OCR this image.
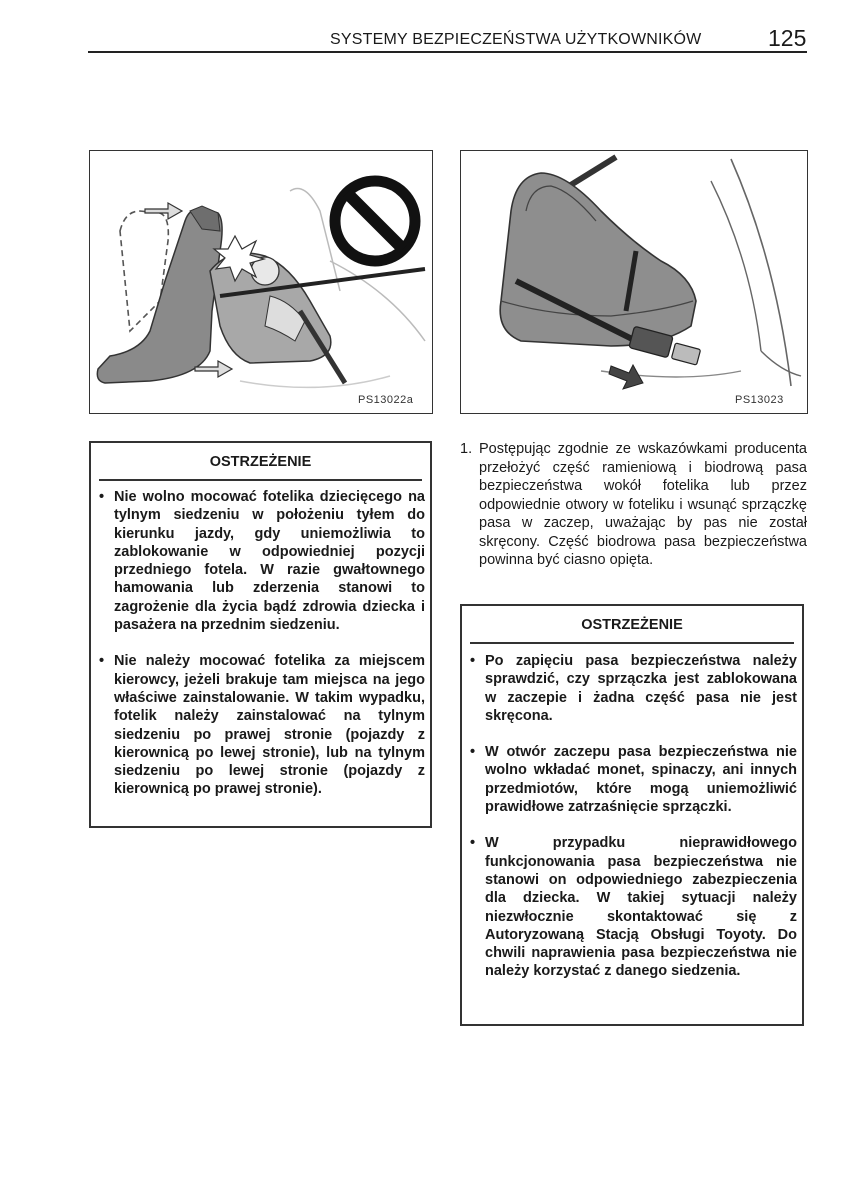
SYSTEMY BEZPIECZEŃSTWA UŻYTKOWNIKÓW	125
PS13022a	PS13023
OSTRZEŻENIE
• Nie wolno mocować fotelika dziecięcego na tylnym siedzeniu w położeniu tyłem do kierunku jazdy, gdy uniemożliwia to zablokowanie w odpowiedniej pozycji przedniego fotela. W razie gwałtownego hamowania lub zderzenia stanowi to zagrożenie dla życia bądź zdrowia dziecka i pasażera na przednim siedzeniu.
• Nie należy mocować fotelika za miejscem kierowcy, jeżeli brakuje tam miejsca na jego właściwe zainstalowanie. W takim wypadku, fotelik należy zainstalować na tylnym siedzeniu po prawej stronie (pojazdy z kierownicą po lewej stronie), lub na tylnym siedzeniu po lewej stronie (pojazdy z kierownicą po prawej stronie).
1. Postępując zgodnie ze wskazówkami producenta przełożyć część ramieniową i biodrową pasa bezpieczeństwa wokół fotelika lub przez odpowiednie otwory w foteliku i wsunąć sprzączkę pasa w zaczep, uważając by pas nie został skręcony. Część biodrowa pasa bezpieczeństwa powinna być ciasno opięta.
OSTRZEŻENIE
• Po zapięciu pasa bezpieczeństwa należy sprawdzić, czy sprzączka jest zablokowana w zaczepie i żadna część pasa nie jest skręcona.
• W otwór zaczepu pasa bezpieczeństwa nie wolno wkładać monet, spinaczy, ani innych przedmiotów, które mogą uniemożliwić prawidłowe zatrzaśnięcie sprzączki.
• W przypadku nieprawidłowego funkcjonowania pasa bezpieczeństwa nie stanowi on odpowiedniego zabezpieczenia dla dziecka. W takiej sytuacji należy niezwłocznie skontaktować się z Autoryzowaną Stacją Obsługi Toyoty. Do chwili naprawienia pasa bezpieczeństwa nie należy korzystać z danego siedzenia.
